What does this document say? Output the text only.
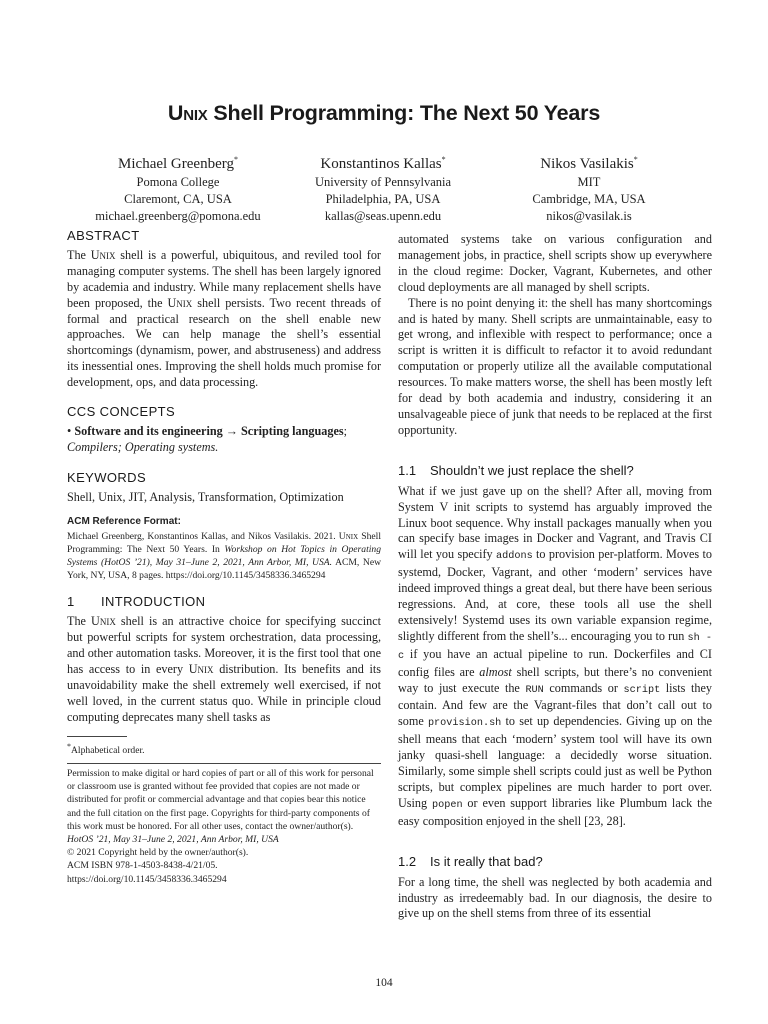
Unix Shell Programming: The Next 50 Years
Michael Greenberg*
Pomona College
Claremont, CA, USA
michael.greenberg@pomona.edu
Konstantinos Kallas*
University of Pennsylvania
Philadelphia, PA, USA
kallas@seas.upenn.edu
Nikos Vasilakis*
MIT
Cambridge, MA, USA
nikos@vasilak.is
ABSTRACT

The Unix shell is a powerful, ubiquitous, and reviled tool for managing computer systems. The shell has been largely ignored by academia and industry. While many replacement shells have been proposed, the Unix shell persists. Two recent threads of formal and practical research on the shell enable new approaches. We can help manage the shell’s essential shortcomings (dynamism, power, and abstruseness) and address its inessential ones. Improving the shell holds much promise for development, ops, and data processing.

CCS CONCEPTS

• Software and its engineering → Scripting languages;
Compilers; Operating systems.

KEYWORDS

Shell, Unix, JIT, Analysis, Transformation, Optimization

ACM Reference Format:

Michael Greenberg, Konstantinos Kallas, and Nikos Vasilakis. 2021. Unix Shell Programming: The Next 50 Years. In Workshop on Hot Topics in Operating Systems (HotOS ’21), May 31–June 2, 2021, Ann Arbor, MI, USA. ACM, New York, NY, USA, 8 pages. https://doi.org/10.1145/3458336.3465294

1 INTRODUCTION

The Unix shell is an attractive choice for specifying succinct but powerful scripts for system orchestration, data processing, and other automation tasks. Moreover, it is the first tool that one has access to in every Unix distribution. Its benefits and its unavoidability make the shell extremely well exercised, if not well loved, in the current status quo. While in principle cloud computing deprecates many shell tasks as

*Alphabetical order.

Permission to make digital or hard copies of part or all of this work for personal or classroom use is granted without fee provided that copies are not made or distributed for profit or commercial advantage and that copies bear this notice and the full citation on the first page. Copyrights for third-party components of this work must be honored. For all other uses, contact the owner/author(s).

HotOS ’21, May 31–June 2, 2021, Ann Arbor, MI, USA

© 2021 Copyright held by the owner/author(s).

ACM ISBN 978-1-4503-8438-4/21/05.

https://doi.org/10.1145/3458336.3465294

automated systems take on various configuration and management jobs, in practice, shell scripts show up everywhere in the cloud regime: Docker, Vagrant, Kubernetes, and other cloud deployments are all managed by shell scripts.

There is no point denying it: the shell has many shortcomings and is hated by many. Shell scripts are unmaintainable, easy to get wrong, and inflexible with respect to performance; once a script is written it is difficult to refactor it to avoid redundant computation or properly utilize all the available computational resources. To make matters worse, the shell has been mostly left for dead by both academia and industry, considering it an unsalvageable piece of junk that needs to be replaced at the first opportunity.

1.1 Shouldn’t we just replace the shell?

What if we just gave up on the shell? After all, moving from System V init scripts to systemd has arguably improved the Linux boot sequence. Why install packages manually when you can specify base images in Docker and Vagrant, and Travis CI will let you specify addons to provision per-platform. Moves to systemd, Docker, Vagrant, and other ‘modern’ services have indeed improved things a great deal, but there have been serious regressions. And, at core, these tools all use the shell extensively! Systemd uses its own variable expansion regime, slightly different from the shell’s... encouraging you to run sh -c if you have an actual pipeline to run. Dockerfiles and CI config files are almost shell scripts, but there’s no convenient way to just execute the RUN commands or script lists they contain. And few are the Vagrant-files that don’t call out to some provision.sh to set up dependencies. Giving up on the shell means that each ‘modern’ system tool will have its own janky quasi-shell language: a decidedly worse situation. Similarly, some simple shell scripts could just as well be Python scripts, but complex pipelines are much harder to port over. Using popen or even support libraries like Plumbum lack the easy composition enjoyed in the shell [23, 28].

1.2 Is it really that bad?

For a long time, the shell was neglected by both academia and industry as irredeemably bad. In our diagnosis, the desire to give up on the shell stems from three of its essential

104
